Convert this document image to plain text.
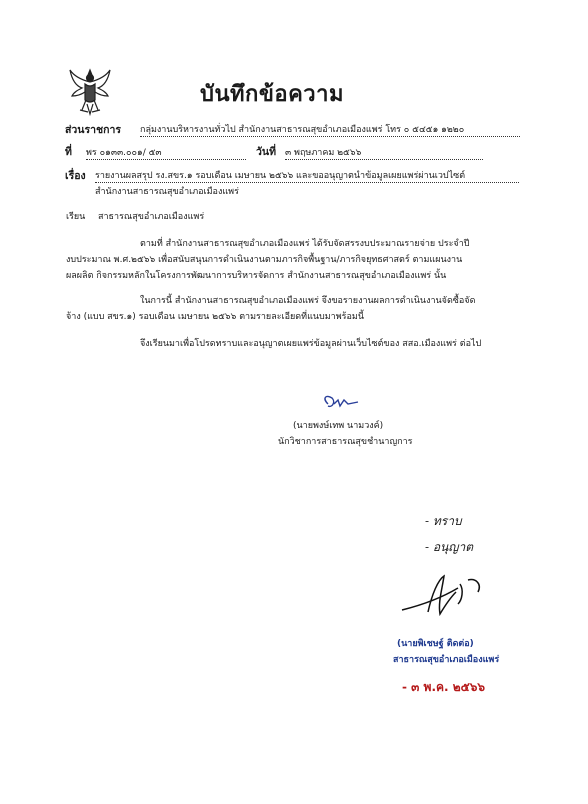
บันทึกข้อความ
ส่วนราชการ กลุ่มงานบริหารงานทั่วไป สำนักงานสาธารณสุขอำเภอเมืองแพร่ โทร ๐ ๕๔๕๑ ๑๒๒๐
ที่ พร ๐๑๓๓.๐๐๑/ ๕๓	วันที่ ๓ พฤษภาคม ๒๕๖๖
เรื่อง รายงานผลสรุป รง.สขร.๑ รอบเดือน เมษายน ๒๕๖๖ และขออนุญาตนำข้อมูลเผยแพร่ผ่านเวปไซต์
สำนักงานสาธารณสุขอำเภอเมืองแพร่
เรียน สาธารณสุขอำเภอเมืองแพร่
ตามที่ สำนักงานสาธารณสุขอำเภอเมืองแพร่ ได้รับจัดสรรงบประมาณรายจ่าย ประจำปี
งบประมาณ พ.ศ.๒๕๖๖ เพื่อสนับสนุนการดำเนินงานตามภารกิจพื้นฐาน/ภารกิจยุทธศาสตร์ ตามแผนงาน
ผลผลิต กิจกรรมหลักในโครงการพัฒนาการบริหารจัดการ สำนักงานสาธารณสุขอำเภอเมืองแพร่ นั้น
ในการนี้ สำนักงานสาธารณสุขอำเภอเมืองแพร่ จึงขอรายงานผลการดำเนินงานจัดซื้อจัด
จ้าง (แบบ สขร.๑) รอบเดือน เมษายน ๒๕๖๖ ตามรายละเอียดที่แนบมาพร้อมนี้
จึงเรียนมาเพื่อโปรดทราบและอนุญาตเผยแพร่ข้อมูลผ่านเว็บไซต์ของ สสอ.เมืองแพร่ ต่อไป
(นายพงษ์เทพ นามวงค์)
นักวิชาการสาธารณสุขชำนาญการ
- ทราบ
- อนุญาต
(นายพิเชษฐ์ ติดต่อ)
สาธารณสุขอำเภอเมืองแพร่
- ๓ พ.ค. ๒๕๖๖
